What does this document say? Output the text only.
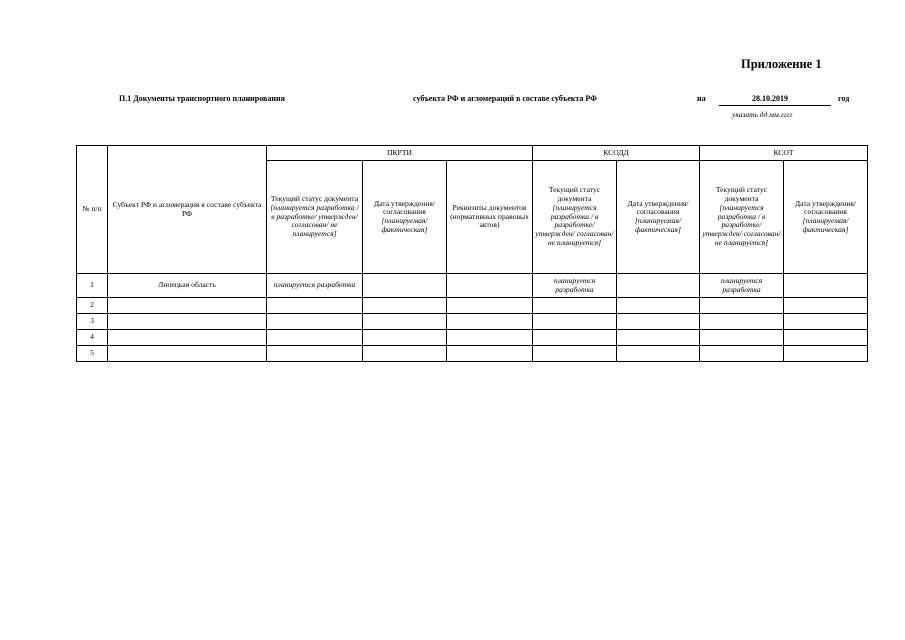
Приложение 1
П.1 Документы транспортного планирования	субъекта РФ и агломераций в составе субъекта РФ	на	28.10.2019	год
указать дд.мм.гггг
№ п/п	Субъект РФ и агломерация в составе субъекта РФ	ПКРТИ			КСОДД		КСОТ	
		Текущий статус документа [планируется разработка / в разработке/ утвержден/ согласован/ не планируется]	Дата утверждения/ согласования [планируемая/ фактическая]	Реквизиты документов (нормативных правовых актов)	Текущий статус документа [планируется разработка / в разработке/ утвержден/ согласован/ не планируется]	Дата утверждения/ согласования [планируемая/ фактическая]	Текущий статус документа [планируется разработка / в разработке/ утвержден/ согласован/ не планируется]	Дата утверждения/ согласования [планируемая/ фактическая]
1	Липецкая область	планируется разработка			планируется разработка		планируется разработка	
2								
3								
4								
5								
